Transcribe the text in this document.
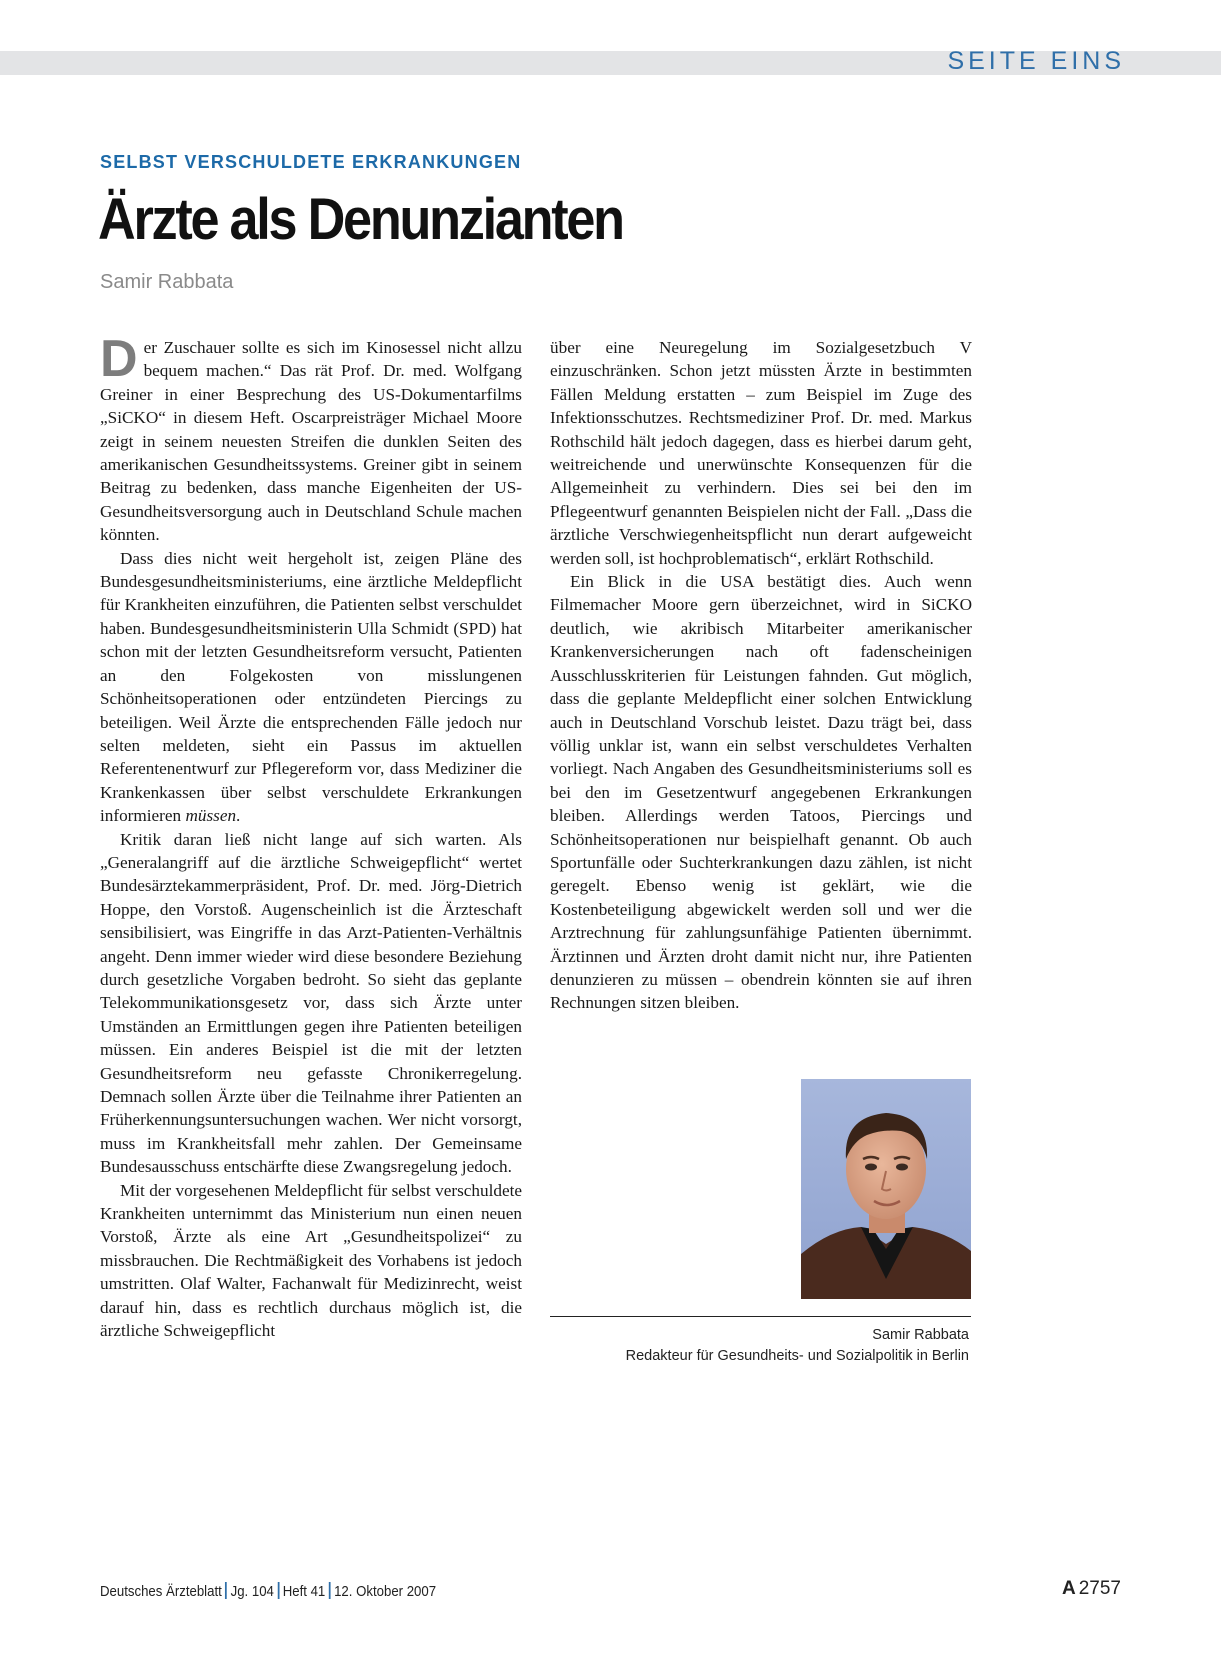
SEITE EINS
SELBST VERSCHULDETE ERKRANKUNGEN
Ärzte als Denunzianten
Samir Rabbata

Der Zuschauer sollte es sich im Kinosessel nicht allzu bequem machen.“ Das rät Prof. Dr. med. Wolfgang Greiner in einer Besprechung des US-Dokumentarfilms „SiCKO“ in diesem Heft. Oscarpreisträger Michael Moore zeigt in seinem neuesten Streifen die dunklen Seiten des amerikanischen Gesundheitssystems. Greiner gibt in seinem Beitrag zu bedenken, dass manche Eigenheiten der US-Gesundheitsversorgung auch in Deutschland Schule machen könnten.

Dass dies nicht weit hergeholt ist, zeigen Pläne des Bundesgesundheitsministeriums, eine ärztliche Meldepflicht für Krankheiten einzuführen, die Patienten selbst verschuldet haben. Bundesgesundheitsministerin Ulla Schmidt (SPD) hat schon mit der letzten Gesundheitsreform versucht, Patienten an den Folgekosten von misslungenen Schönheitsoperationen oder entzündeten Piercings zu beteiligen. Weil Ärzte die entsprechenden Fälle jedoch nur selten meldeten, sieht ein Passus im aktuellen Referentenentwurf zur Pflegereform vor, dass Mediziner die Krankenkassen über selbst verschuldete Erkrankungen informieren müssen.

Kritik daran ließ nicht lange auf sich warten. Als „Generalangriff auf die ärztliche Schweigepflicht“ wertet Bundesärztekammerpräsident, Prof. Dr. med. Jörg-Dietrich Hoppe, den Vorstoß. Augenscheinlich ist die Ärzteschaft sensibilisiert, was Eingriffe in das Arzt-Patienten-Verhältnis angeht. Denn immer wieder wird diese besondere Beziehung durch gesetzliche Vorgaben bedroht. So sieht das geplante Telekommunikationsgesetz vor, dass sich Ärzte unter Umständen an Ermittlungen gegen ihre Patienten beteiligen müssen. Ein anderes Beispiel ist die mit der letzten Gesundheitsreform neu gefasste Chronikerregelung. Demnach sollen Ärzte über die Teilnahme ihrer Patienten an Früherkennungsuntersuchungen wachen. Wer nicht vorsorgt, muss im Krankheitsfall mehr zahlen. Der Gemeinsame Bundesausschuss entschärfte diese Zwangsregelung jedoch.

Mit der vorgesehenen Meldepflicht für selbst verschuldete Krankheiten unternimmt das Ministerium nun einen neuen Vorstoß, Ärzte als eine Art „Gesundheitspolizei“ zu missbrauchen. Die Rechtmäßigkeit des Vorhabens ist jedoch umstritten. Olaf Walter, Fachanwalt für Medizinrecht, weist darauf hin, dass es rechtlich durchaus möglich ist, die ärztliche Schweigepflicht

über eine Neuregelung im Sozialgesetzbuch V einzuschränken. Schon jetzt müssten Ärzte in bestimmten Fällen Meldung erstatten – zum Beispiel im Zuge des Infektionsschutzes. Rechtsmediziner Prof. Dr. med. Markus Rothschild hält jedoch dagegen, dass es hierbei darum geht, weitreichende und unerwünschte Konsequenzen für die Allgemeinheit zu verhindern. Dies sei bei den im Pflegeentwurf genannten Beispielen nicht der Fall. „Dass die ärztliche Verschwiegenheitspflicht nun derart aufgeweicht werden soll, ist hochproblematisch“, erklärt Rothschild.

Ein Blick in die USA bestätigt dies. Auch wenn Filmemacher Moore gern überzeichnet, wird in SiCKO deutlich, wie akribisch Mitarbeiter amerikanischer Krankenversicherungen nach oft fadenscheinigen Ausschlusskriterien für Leistungen fahnden. Gut möglich, dass die geplante Meldepflicht einer solchen Entwicklung auch in Deutschland Vorschub leistet. Dazu trägt bei, dass völlig unklar ist, wann ein selbst verschuldetes Verhalten vorliegt. Nach Angaben des Gesundheitsministeriums soll es bei den im Gesetzentwurf angegebenen Erkrankungen bleiben. Allerdings werden Tatoos, Piercings und Schönheitsoperationen nur beispielhaft genannt. Ob auch Sportunfälle oder Suchterkrankungen dazu zählen, ist nicht geregelt. Ebenso wenig ist geklärt, wie die Kostenbeteiligung abgewickelt werden soll und wer die Arztrechnung für zahlungsunfähige Patienten übernimmt. Ärztinnen und Ärzten droht damit nicht nur, ihre Patienten denunzieren zu müssen – obendrein könnten sie auf ihren Rechnungen sitzen bleiben.

Samir Rabbata
Redakteur für Gesundheits- und Sozialpolitik in Berlin
Deutsches Ärzteblatt Jg. 104 Heft 41 12. Oktober 2007	A 2757
